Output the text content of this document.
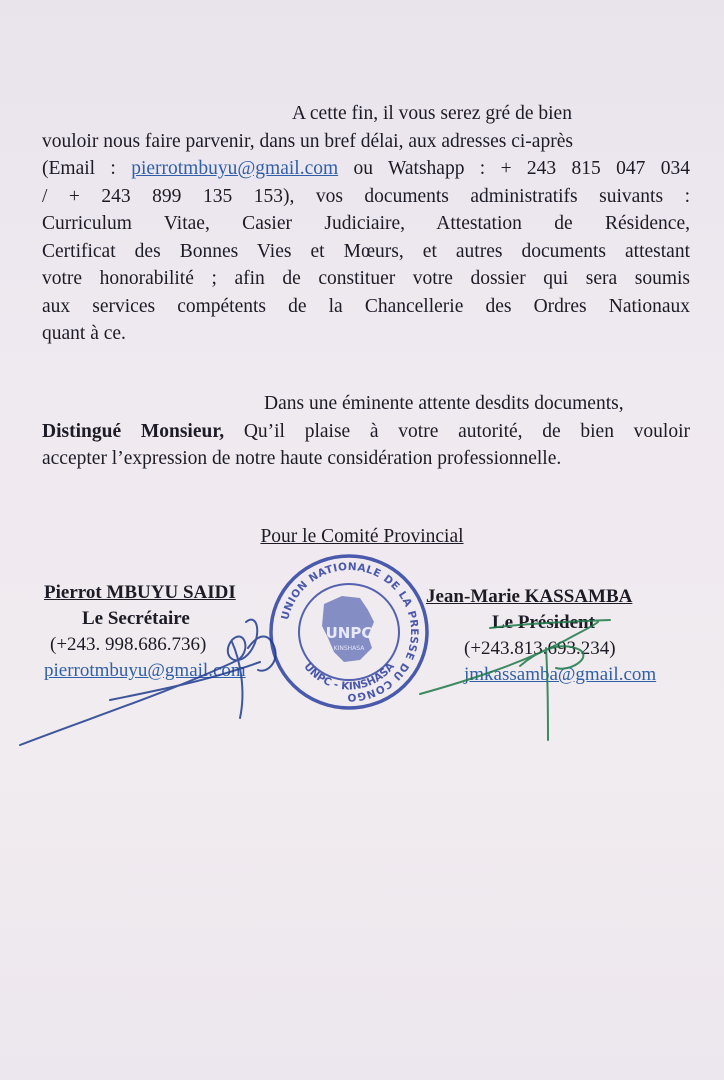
A cette fin, il vous serez gré de bien
vouloir nous faire parvenir, dans un bref délai, aux adresses ci-après
(Email : pierrotmbuyu@gmail.com ou Watshapp : + 243 815 047 034
/ + 243 899 135 153), vos documents administratifs suivants :
Curriculum Vitae, Casier Judiciaire, Attestation de Résidence,
Certificat des Bonnes Vies et Mœurs, et autres documents attestant
votre honorabilité ; afin de constituer votre dossier qui sera soumis
aux services compétents de la Chancellerie des Ordres Nationaux
quant à ce.
Dans une éminente attente desdits documents,
Distingué Monsieur, Qu’il plaise à votre autorité, de bien vouloir
accepter l’expression de notre haute considération professionnelle.
Pour le Comité Provincial
Pierrot MBUYU SAIDI
Le Secrétaire
(+243. 998.686.736)
pierrotmbuyu@gmail.com
Jean-Marie KASSAMBA
Le Président
(+243.813.693.234)
jmkassamba@gmail.com
UNION NATIONALE DE LA PRESSE DU CONGO
UNPC - KINSHASA
UNPC
KINSHASA
